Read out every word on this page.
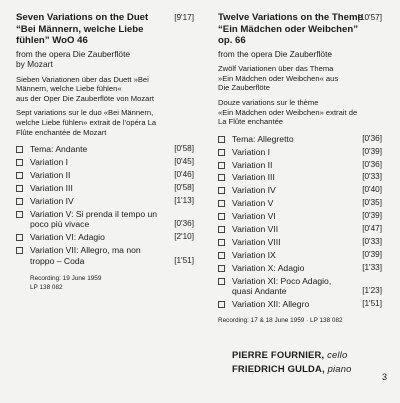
Seven Variations on the Duet “Bei Männern, welche Liebe fühlen” WoO 46
[9'17]
from the opera Die Zauberflöte
by Mozart
Sieben Variationen über das Duett »Bei
Männern, welche Liebe fühlen«
aus der Oper Die Zauberflöte von Mozart
Sept variations sur le duo «Bei Männern,
welche Liebe fühlen» extrait de l’opéra La
Flûte enchantée de Mozart
Tema: Andante	[0'58]
Variation I	[0'45]
Variation II	[0'46]
Variation III	[0'58]
Variation IV	[1'13]
Variation V: Si prenda il tempo un poco più vivace	[0'36]
Variation VI: Adagio	[2'10]
Variation VII: Allegro, ma non troppo – Coda	[1'51]
Recording: 19 June 1959
LP 138 082
Twelve Variations on the Theme “Ein Mädchen oder Weibchen” op. 66
[10'57]
from the opera Die Zauberflöte
Zwölf Variationen über das Thema
»Ein Mädchen oder Weibchen« aus
Die Zauberflöte
Douze variations sur le thème
«Ein Mädchen oder Weibchen» extrait de
La Flûte enchantée
Tema: Allegretto	[0'36]
Variation I	[0'39]
Variation II	[0'36]
Variation III	[0'33]
Variation IV	[0'40]
Variation V	[0'35]
Variation VI	[0'39]
Variation VII	[0'47]
Variation VIII	[0'33]
Variation IX	[0'39]
Variation X: Adagio	[1'33]
Variation XI: Poco Adagio, quasi Andante	[1'23]
Variation XII: Allegro	[1'51]
Recording: 17 & 18 June 1959 · LP 138 082
PIERRE FOURNIER, cello
FRIEDRICH GULDA, piano
3
